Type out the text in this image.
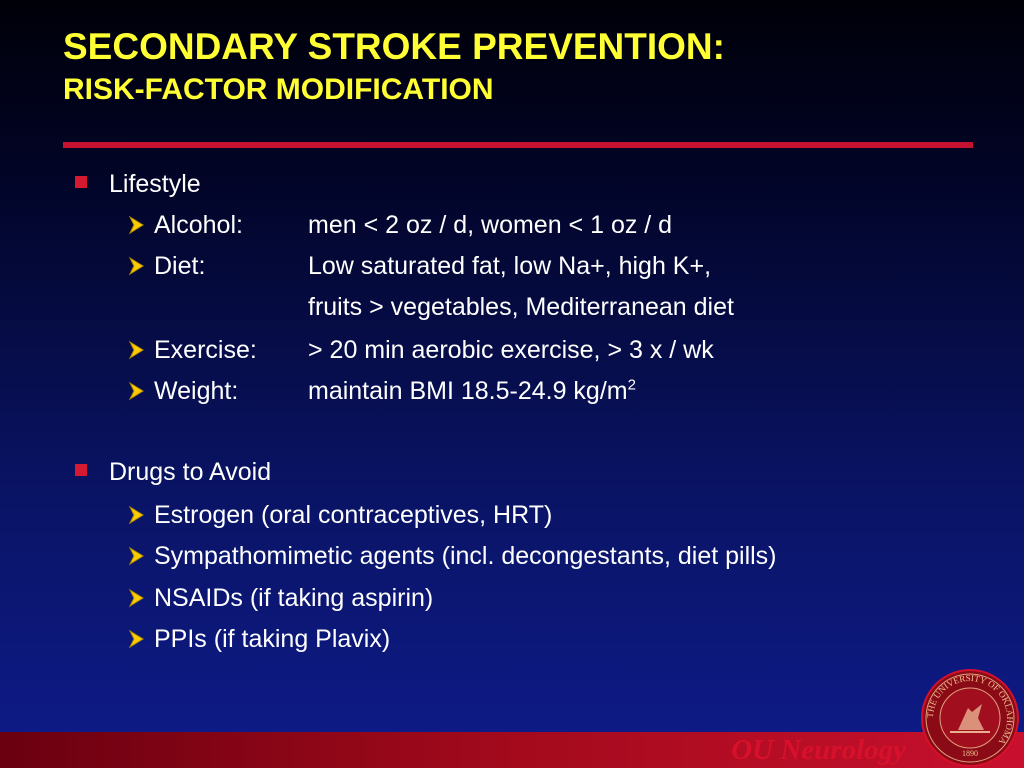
SECONDARY STROKE PREVENTION:
RISK-FACTOR MODIFICATION
Lifestyle
Alcohol:	men < 2 oz / d, women < 1 oz / d
Diet:	Low saturated fat, low Na+, high K+,
fruits > vegetables, Mediterranean diet
Exercise: > 20 min aerobic exercise, > 3 x / wk
Weight:	maintain BMI 18.5-24.9 $kg/m^2$
Drugs to Avoid
Estrogen (oral contraceptives, HRT)
Sympathomimetic agents (incl. decongestants, diet pills)
NSAIDs (if taking aspirin)
PPIs (if taking Plavix)
OU Neurology
THE UNIVERSITY OF OKLAHOMA
1890
